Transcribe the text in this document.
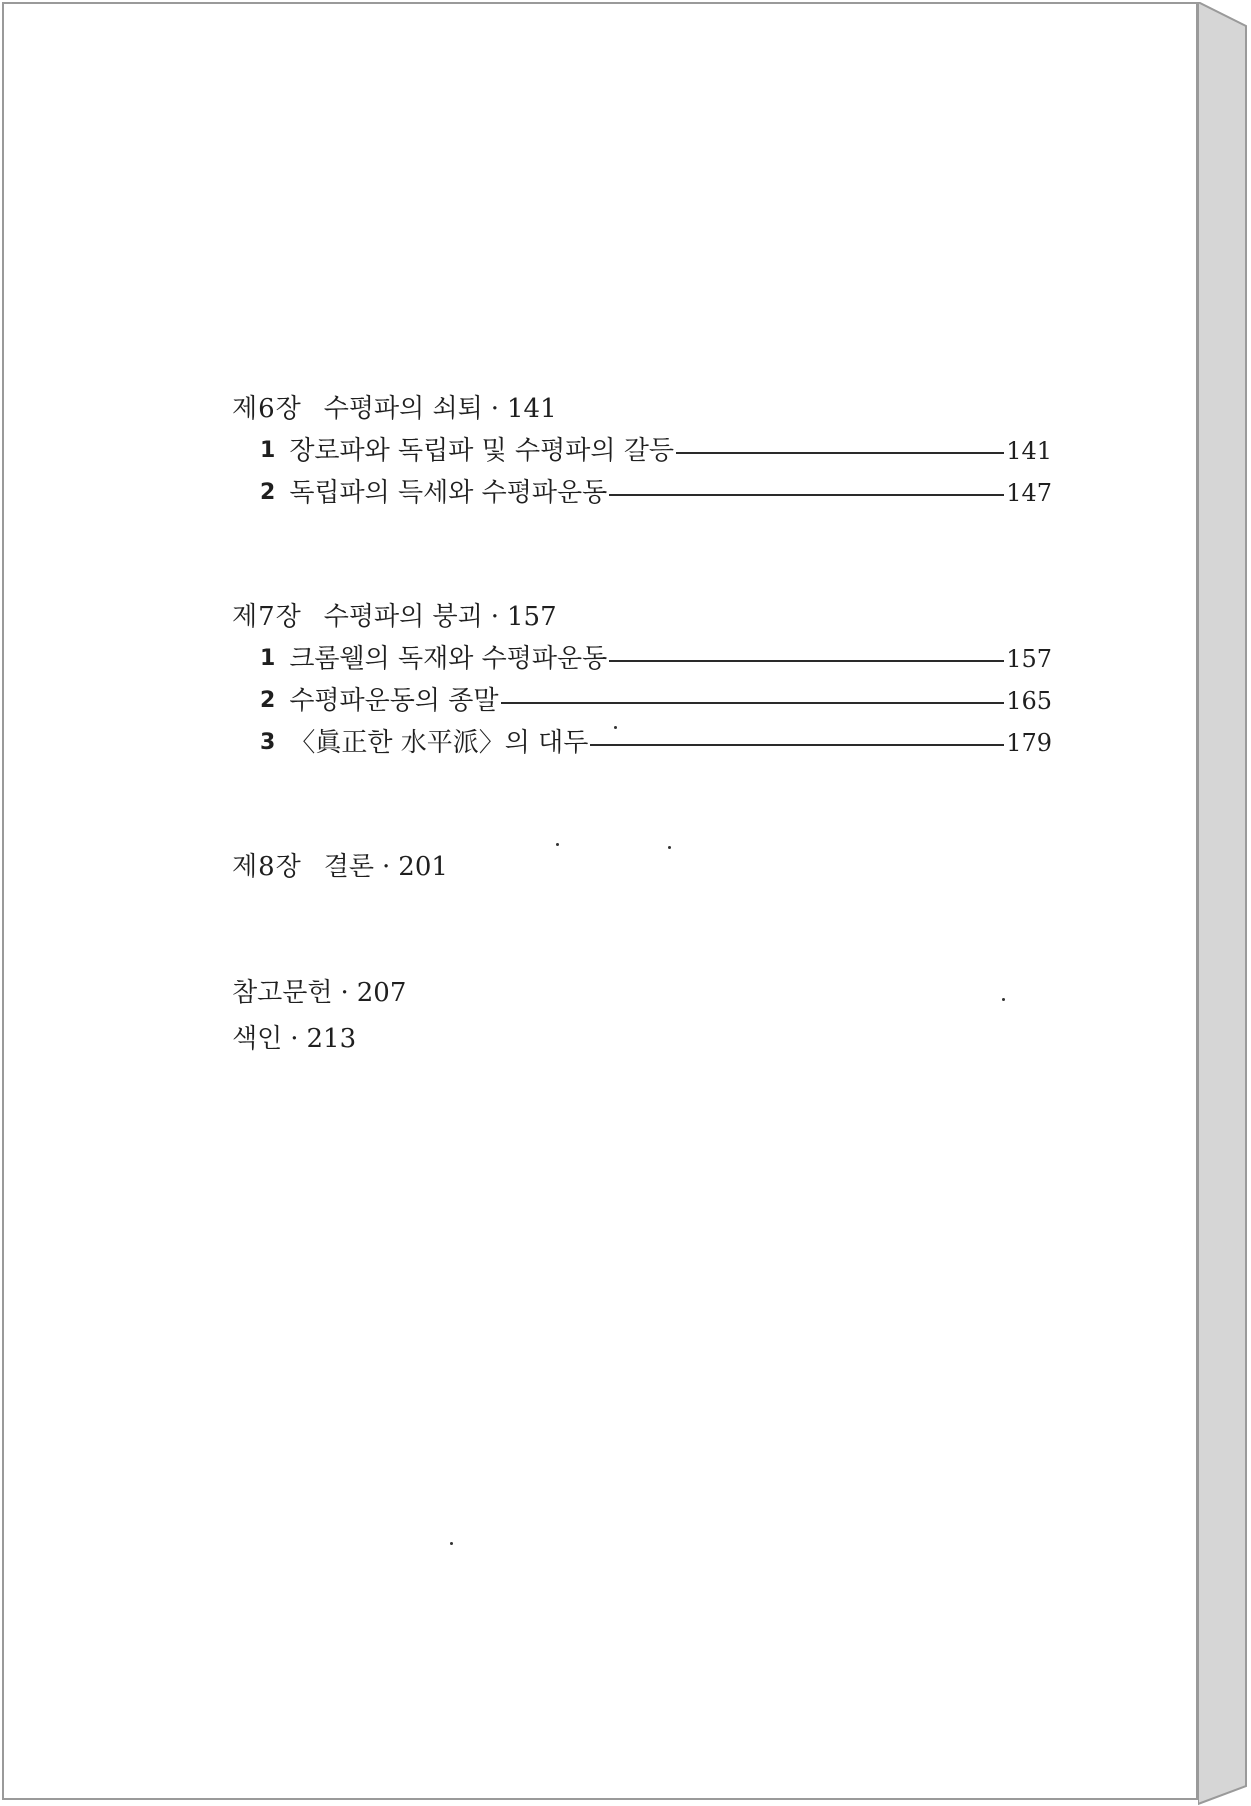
제6장 수평파의 쇠퇴 · 141
1 장로파와 독립파 및 수평파의 갈등	141
2 독립파의 득세와 수평파운동	147
제7장 수평파의 붕괴 · 157
1 크롬웰의 독재와 수평파운동	157
2 수평파운동의 종말	165
3 〈眞正한 水平派〉의 대두	179
제8장 결론 · 201
참고문헌 · 207
색인 · 213
